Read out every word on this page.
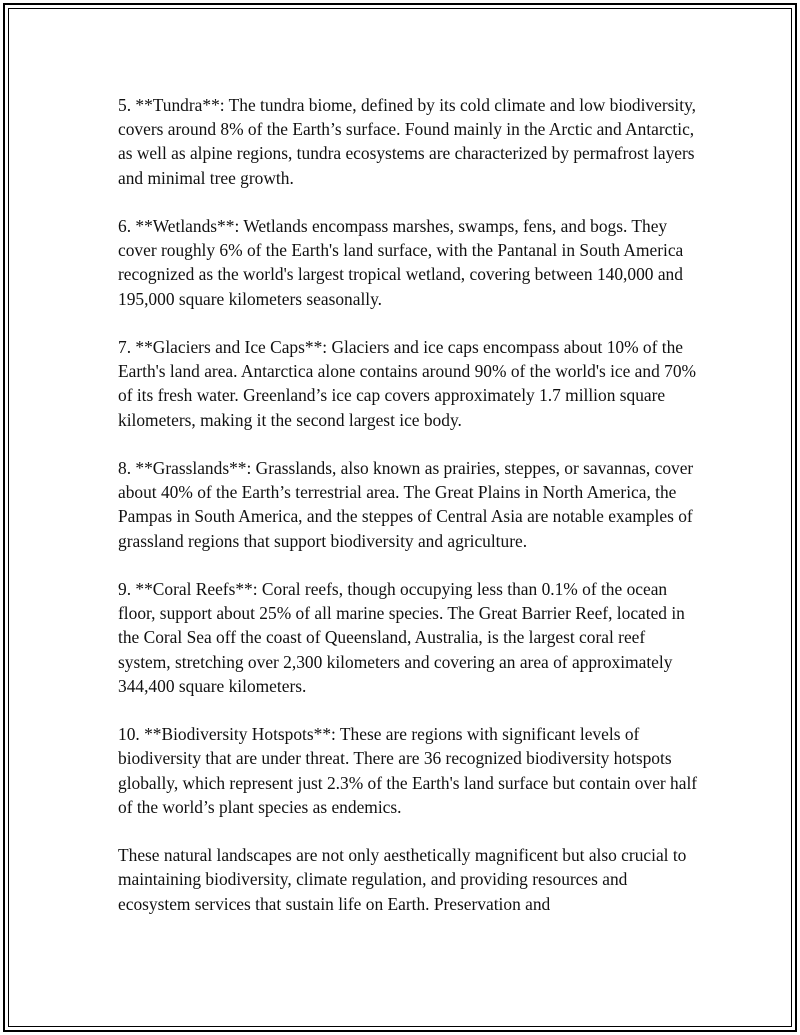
5. **Tundra**: The tundra biome, defined by its cold climate and low biodiversity, covers around 8% of the Earth’s surface. Found mainly in the Arctic and Antarctic, as well as alpine regions, tundra ecosystems are characterized by permafrost layers and minimal tree growth.

6. **Wetlands**: Wetlands encompass marshes, swamps, fens, and bogs. They cover roughly 6% of the Earth's land surface, with the Pantanal in South America recognized as the world's largest tropical wetland, covering between 140,000 and 195,000 square kilometers seasonally.

7. **Glaciers and Ice Caps**: Glaciers and ice caps encompass about 10% of the Earth's land area. Antarctica alone contains around 90% of the world's ice and 70% of its fresh water. Greenland’s ice cap covers approximately 1.7 million square kilometers, making it the second largest ice body.

8. **Grasslands**: Grasslands, also known as prairies, steppes, or savannas, cover about 40% of the Earth’s terrestrial area. The Great Plains in North America, the Pampas in South America, and the steppes of Central Asia are notable examples of grassland regions that support biodiversity and agriculture.

9. **Coral Reefs**: Coral reefs, though occupying less than 0.1% of the ocean floor, support about 25% of all marine species. The Great Barrier Reef, located in the Coral Sea off the coast of Queensland, Australia, is the largest coral reef system, stretching over 2,300 kilometers and covering an area of approximately 344,400 square kilometers.

10. **Biodiversity Hotspots**: These are regions with significant levels of biodiversity that are under threat. There are 36 recognized biodiversity hotspots globally, which represent just 2.3% of the Earth's land surface but contain over half of the world’s plant species as endemics.

These natural landscapes are not only aesthetically magnificent but also crucial to maintaining biodiversity, climate regulation, and providing resources and ecosystem services that sustain life on Earth. Preservation and
